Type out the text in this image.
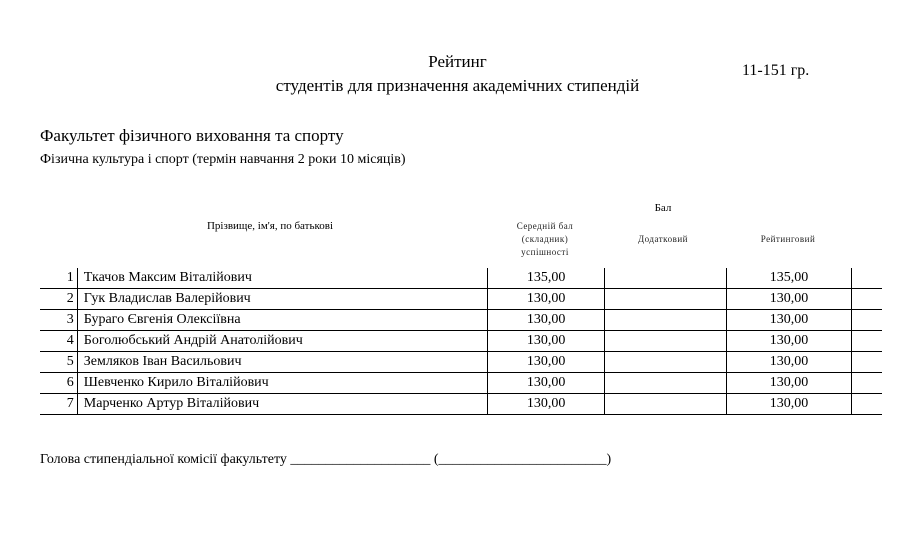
Рейтинг
студентів для призначення академічних стипендій
11-151 гр.
Факультет фізичного виховання та спорту
Фізична культура і спорт (термін навчання 2 роки 10 місяців)
Прізвище, ім'я, по батькові
Бал
Середній бал
(складник)
успішності
Додатковий	Рейтинговий
1	Ткачов Максим Віталійович	135,00		135,00	
2	Гук Владислав Валерійович	130,00		130,00	
3	Бураго Євгенія Олексіївна	130,00		130,00	
4	Боголюбський Андрій Анатолійович	130,00		130,00	
5	Земляков Іван Васильович	130,00		130,00	
6	Шевченко Кирило Віталійович	130,00		130,00	
7	Марченко Артур Віталійович	130,00		130,00	
Голова стипендіальної комісії факультету ____________________ (________________________)
